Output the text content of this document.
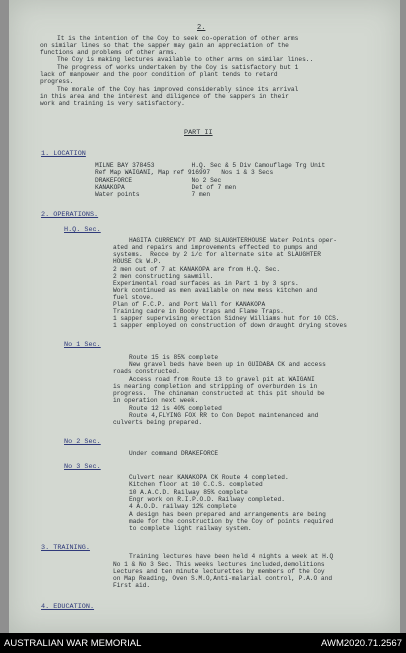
2.
It is the intention of the Coy to seek co-operation of other arms
on similar lines so that the sapper may gain an appreciation of the
functions and problems of other arms.
The Coy is making lectures available to other arms on similar lines..
The progress of works undertaken by the Coy is satisfactory but 1
lack of manpower and the poor condition of plant tends to retard
progress.
The morale of the Coy has improved considerably since its arrival
in this area and the interest and diligence of the sappers in their
work and training is very satisfactory.
PART II
1. LOCATION
MILNE BAY 378453          H.Q. Sec & 5 Div Camouflage Trg Unit
Ref Map WAIGANI, Map ref 916997   Nos 1 & 3 Secs
DRAKEFORCE                No 2 Sec
KANAKOPA                  Det of 7 men
Water points              7 men
2. OPERATIONS.
H.Q. Sec.
HAGITA CURRENCY PT AND SLAUGHTERHOUSE Water Points oper-
ated and repairs and improvements effected to pumps and
systems.  Recce by 2 i/c for alternate site at SLAUGHTER
HOUSE Ck W.P.
2 men out of 7 at KANAKOPA are from H.Q. Sec.
2 men constructing sawmill.
Experimental road surfaces as in Part 1 by 3 sprs.
Work continued as men available on new mess kitchen and
fuel stove.
Plan of F.C.P. and Port Wall for KANAKOPA
Training cadre in Booby traps and Flame Traps.
1 sapper supervising erection Sidney Williams hut for 10 CCS.
1 sapper employed on construction of down draught drying stoves
No 1 Sec.
Route 15 is 85% complete
New gravel beds have been up in GUIDABA CK and access
roads constructed.
Access road from Route 13 to gravel pit at WAIGANI
is nearing completion and stripping of overburden is in
progress.  The chinaman constructed at this pit should be
in operation next week.
Route 12 is 40% completed
Route 4,FLYING FOX RR to Con Depot maintenanced and
culverts being prepared.
No 2 Sec.
Under command DRAKEFORCE
No 3 Sec.
Culvert near KANAKOPA CK Route 4 completed.
Kitchen floor at 10 C.C.S. completed
10 A.A.C.D. Railway 85% complete
Engr work on R.I.P.O.D. Railway completed.
4 A.O.D. railway 12% complete
A design has been prepared and arrangements are being
made for the construction by the Coy of points required
to complete light railway system.
3. TRAINING.
Training lectures have been held 4 nights a week at H.Q
No 1 & No 3 Sec. This weeks lectures included,demolitions
Lectures and ten minute lecturettes by members of the Coy
on Map Reading, Oven S.M.O,Anti-malarial control, P.A.O and
First aid.
4. EDUCATION.
AUSTRALIAN WAR MEMORIAL	AWM2020.71.2567
